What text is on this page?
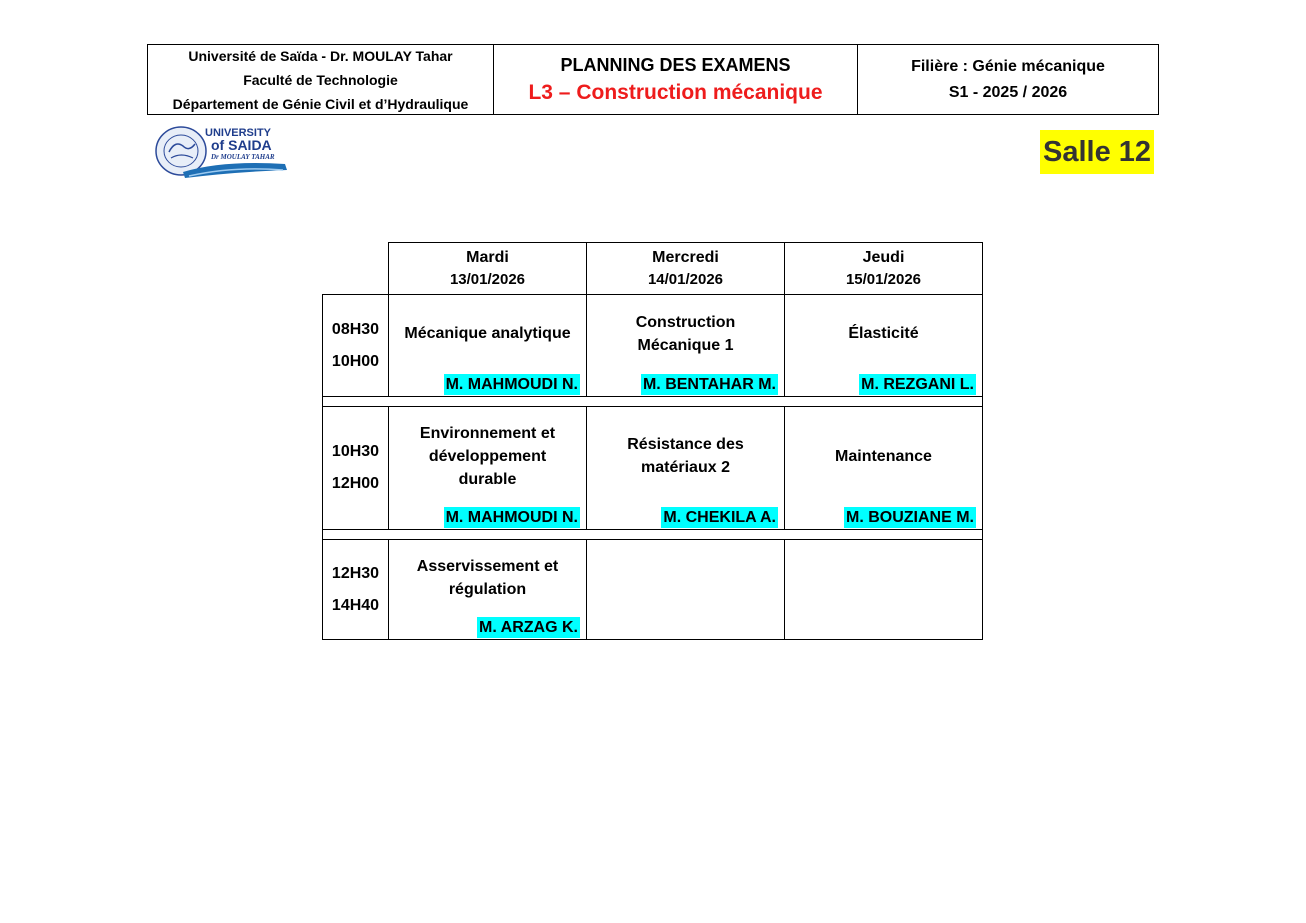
Université de Saïda - Dr. MOULAY Tahar
Faculté de Technologie
Département de Génie Civil et d’Hydraulique
PLANNING DES EXAMENS
L3 – Construction mécanique
Filière : Génie mécanique
S1 - 2025 / 2026
UNIVERSITY
of SAIDA
Dr MOULAY TAHAR	Salle 12
Mardi
13/01/2026
Mercredi
14/01/2026
Jeudi
15/01/2026
08H30
10H00
Mécanique analytique
M. MAHMOUDI N.
Construction Mécanique 1
M. BENTAHAR M.
Élasticité
M. REZGANI L.
10H30
12H00
Environnement et développement durable
M. MAHMOUDI N.
Résistance des matériaux 2
M. CHEKILA A.
Maintenance
M. BOUZIANE M.
12H30
14H40
Asservissement et régulation
M. ARZAG K.
